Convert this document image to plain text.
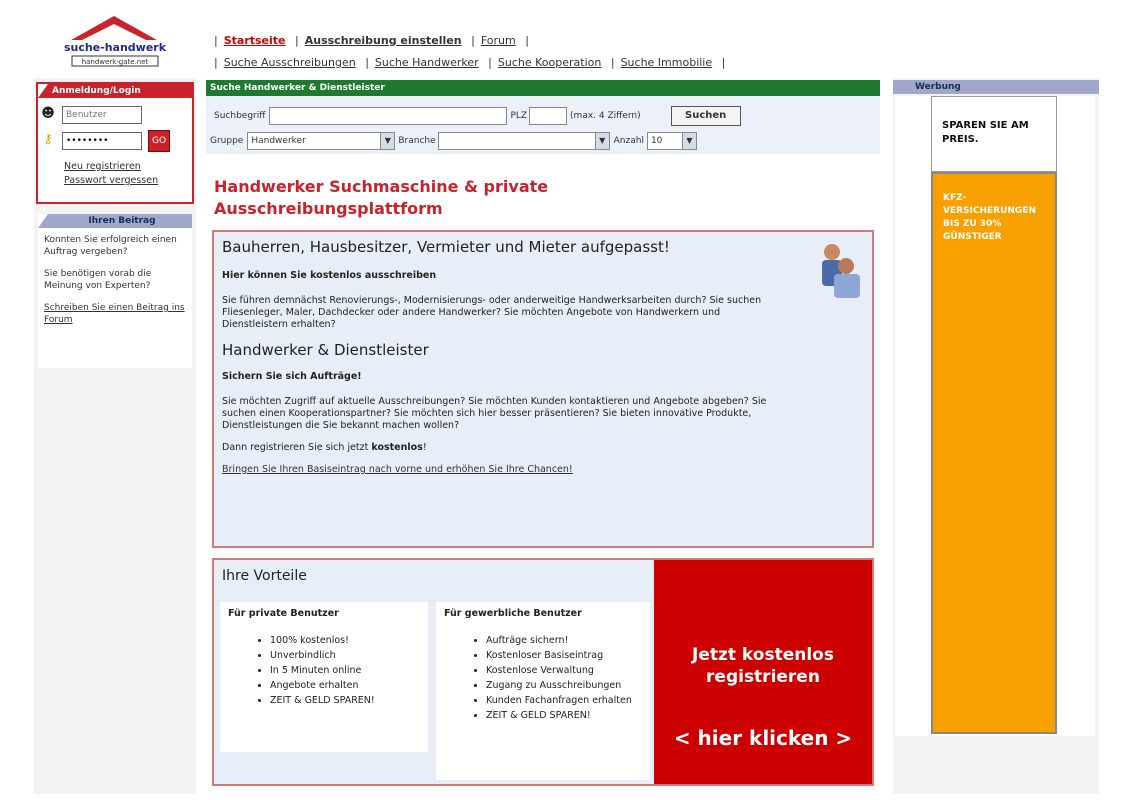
suche-handwerk
handwerk-gate.net
| Startseite | Ausschreibung einstellen | Forum |
| Suche Ausschreibungen | Suche Handwerker | Suche Kooperation | Suche Immobilie |
Anmeldung/Login
☻
Benutzer
⚷
••••••••	GO
Neu registrieren
Passwort vergessen
Ihren Beitrag

Konnten Sie erfolgreich einen Auftrag vergeben?

Sie benötigen vorab die Meinung von Experten?

Schreiben Sie einen Beitrag ins Forum

Suche Handwerker & Dienstleister
Suchbegriff	PLZ	(max. 4 Ziffern)	Suchen
Gruppe Handwerker	▼ Branche	▼ Anzahl 10	▼
Handwerker Suchmaschine & private Ausschreibungsplattform
Bauherren, Hausbesitzer, Vermieter und Mieter aufgepasst!
Hier können Sie kostenlos ausschreiben

Sie führen demnächst Renovierungs-, Modernisierungs- oder anderweitige Handwerksarbeiten durch? Sie suchen Fliesenleger, Maler, Dachdecker oder andere Handwerker? Sie möchten Angebote von Handwerkern und Dienstleistern erhalten?

Handwerker & Dienstleister
Sichern Sie sich Aufträge!

Sie möchten Zugriff auf aktuelle Ausschreibungen? Sie möchten Kunden kontaktieren und Angebote abgeben? Sie suchen einen Kooperationspartner? Sie möchten sich hier besser präsentieren? Sie bieten innovative Produkte, Dienstleistungen die Sie bekannt machen wollen?

Dann registrieren Sie sich jetzt kostenlos!

Bringen Sie Ihren Basiseintrag nach vorne und erhöhen Sie Ihre Chancen!

Ihre Vorteile
Für private Benutzer
• 100% kostenlos!
• Unverbindlich
• In 5 Minuten online
• Angebote erhalten
• ZEIT & GELD SPAREN!
Für gewerbliche Benutzer
• Aufträge sichern!
• Kostenloser Basiseintrag
• Kostenlose Verwaltung
• Zugang zu Ausschreibungen
• Kunden Fachanfragen erhalten
• ZEIT & GELD SPAREN!
Jetzt kostenlos registrieren
< hier klicken >
Werbung
SPAREN SIE AM PREIS.
KFZ-VERSICHERUNGEN BIS ZU 30% GÜNSTIGER
